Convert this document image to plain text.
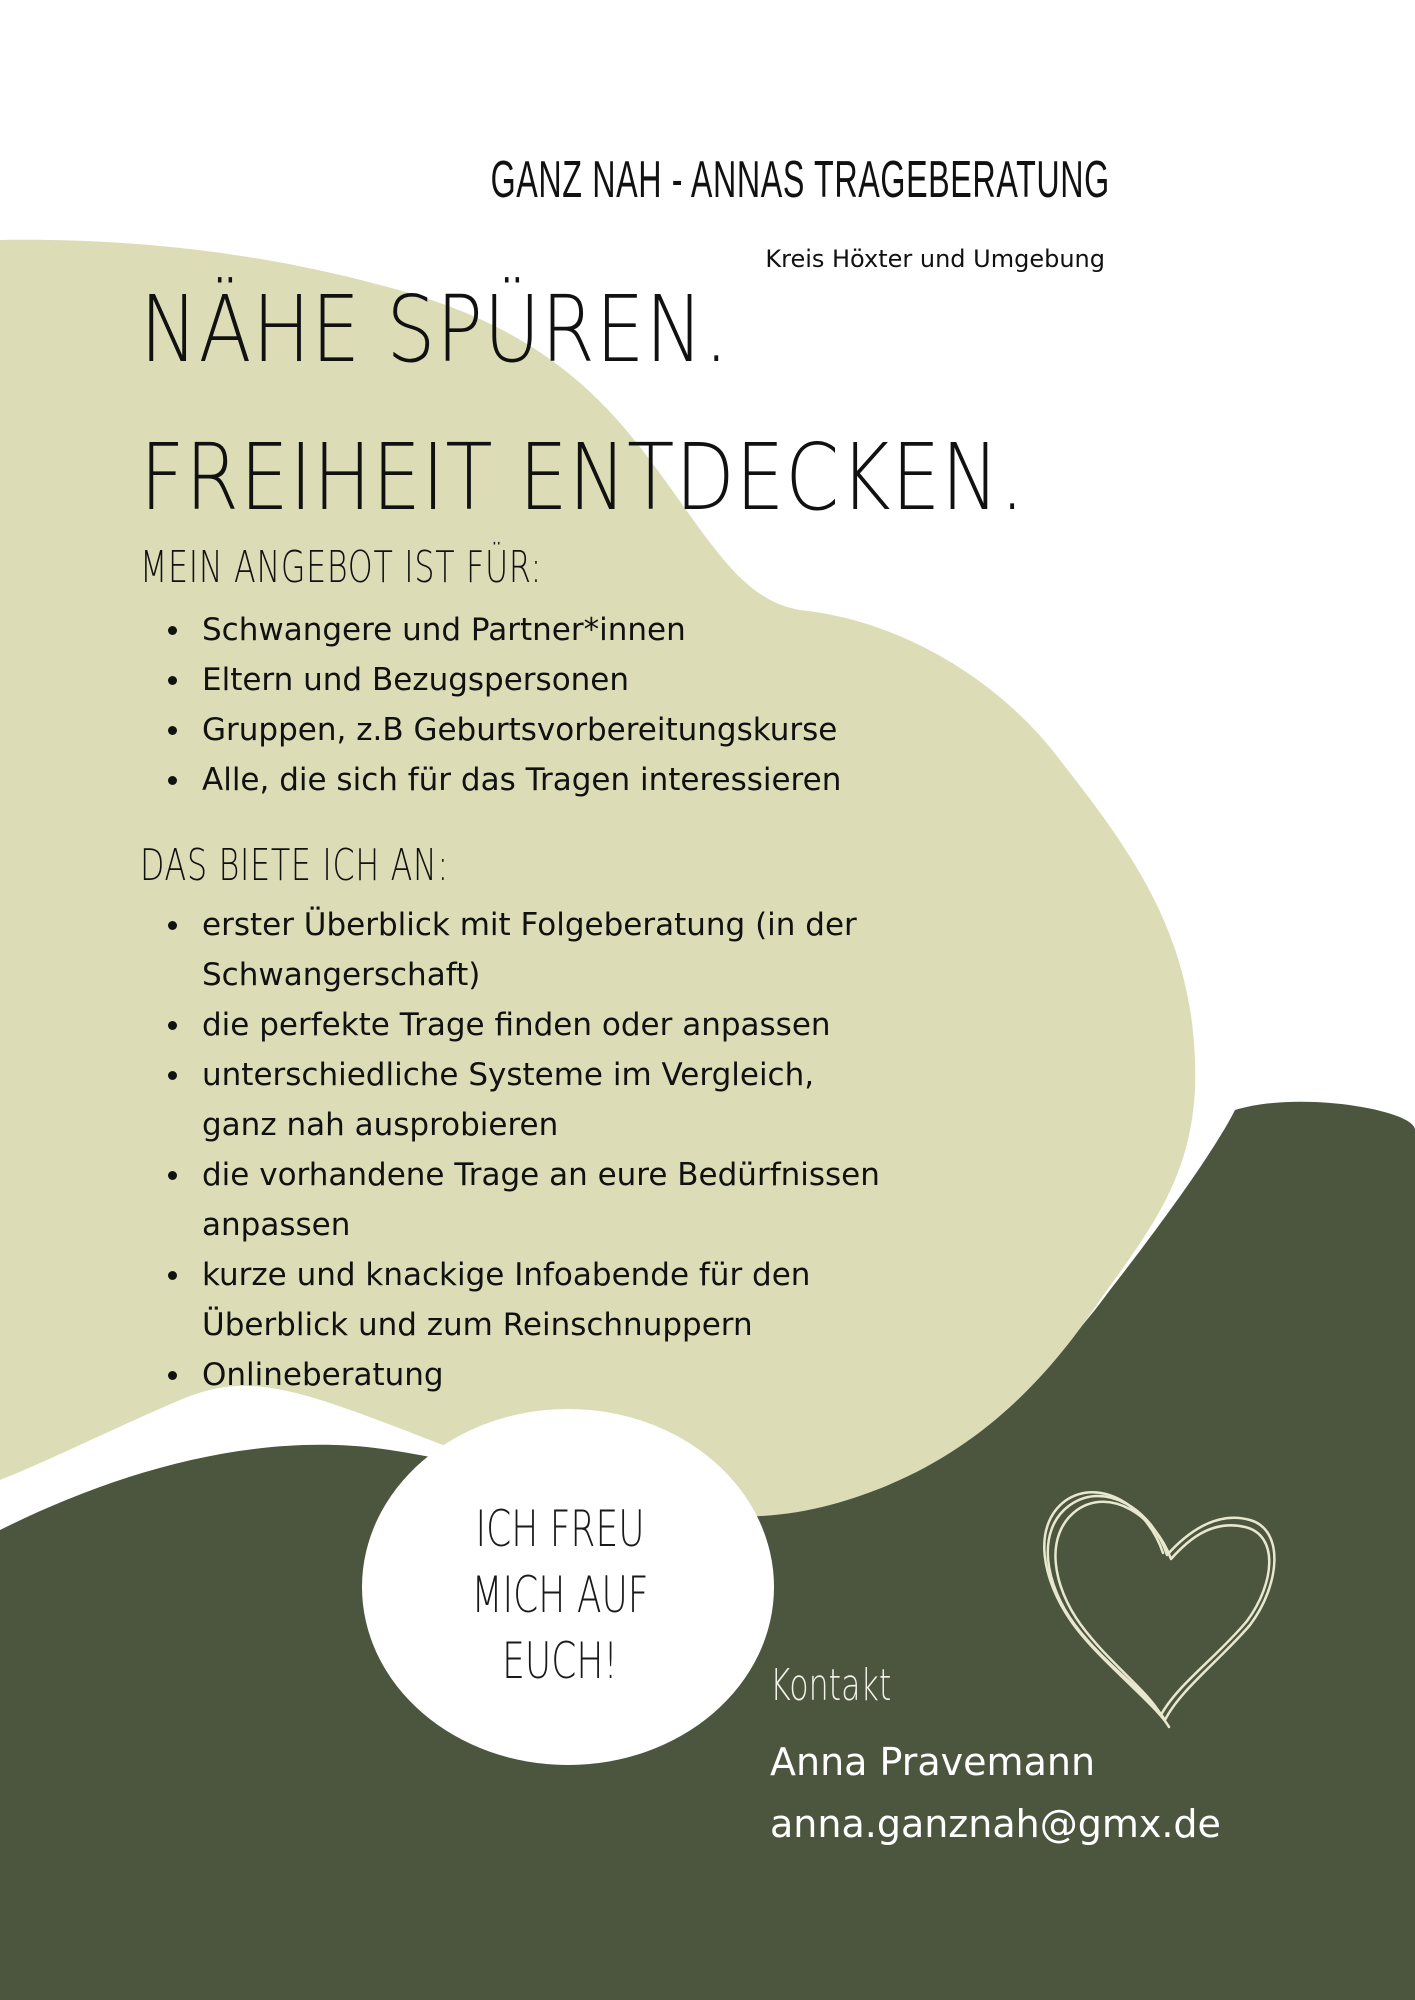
GANZ NAH - ANNAS TRAGEBERATUNG
Kreis Höxter und Umgebung
NÄHE SPÜREN.
FREIHEIT ENTDECKEN.
MEIN ANGEBOT IST FÜR:
Schwangere und Partner*innen
Eltern und Bezugspersonen
Gruppen, z.B Geburtsvorbereitungskurse
Alle, die sich für das Tragen interessieren
DAS BIETE ICH AN:
erster Überblick mit Folgeberatung (in der Schwangerschaft)
die perfekte Trage finden oder anpassen
unterschiedliche Systeme im Vergleich, ganz nah ausprobieren
die vorhandene Trage an eure Bedürfnissen anpassen
kurze und knackige Infoabende für den Überblick und zum Reinschnuppern
Onlineberatung
ICH FREU
MICH AUF
EUCH!	Kontakt
Anna Pravemann
anna.ganznah@gmx.de
